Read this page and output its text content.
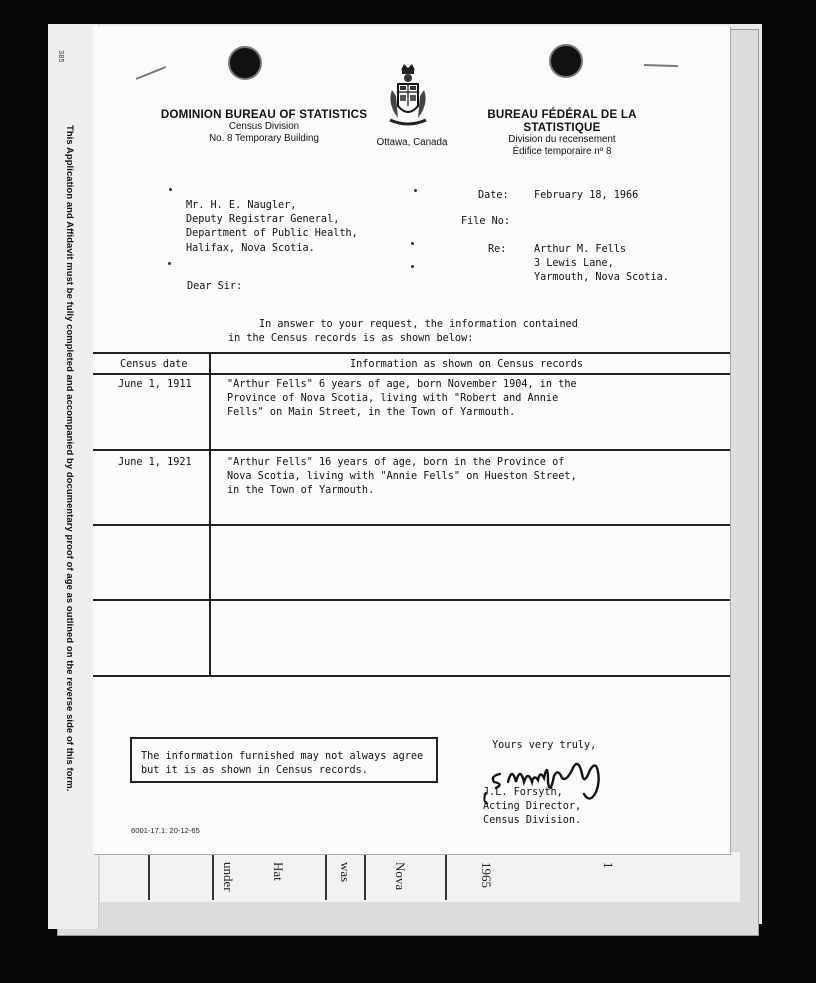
under	Hat	was	Nova	1965	1
385
This Application and Affidavit must be fully completed and accompanied by documentary proof of age as outlined on the reverse side of this form.
DOMINION BUREAU OF STATISTICS
Census Division
No. 8 Temporary Building	Ottawa, Canada
BUREAU FÉDÉRAL DE LA STATISTIQUE
Division du recensement
Édifice temporaire nº 8
Mr. H. E. Naugler,
Deputy Registrar General,
Department of Public Health,
Halifax, Nova Scotia.
Date: February 18, 1966
File No:
Re:	Arthur M. Fells
3 Lewis Lane,
Yarmouth, Nova Scotia.
Dear Sir:
In answer to your request, the information contained
in the Census records is as shown below:
Census date	Information as shown on Census records
June 1, 1911	"Arthur Fells" 6 years of age, born November 1904, in the
Province of Nova Scotia, living with "Robert and Annie
Fells" on Main Street, in the Town of Yarmouth.
June 1, 1921	"Arthur Fells" 16 years of age, born in the Province of
Nova Scotia, living with "Annie Fells" on Hueston Street,
in the Town of Yarmouth.
The information furnished may not always agree
but it is as shown in Census records.
Yours very truly,
J.L. Forsyth,
Acting Director,
Census Division.
6001-17.1: 20-12-65
